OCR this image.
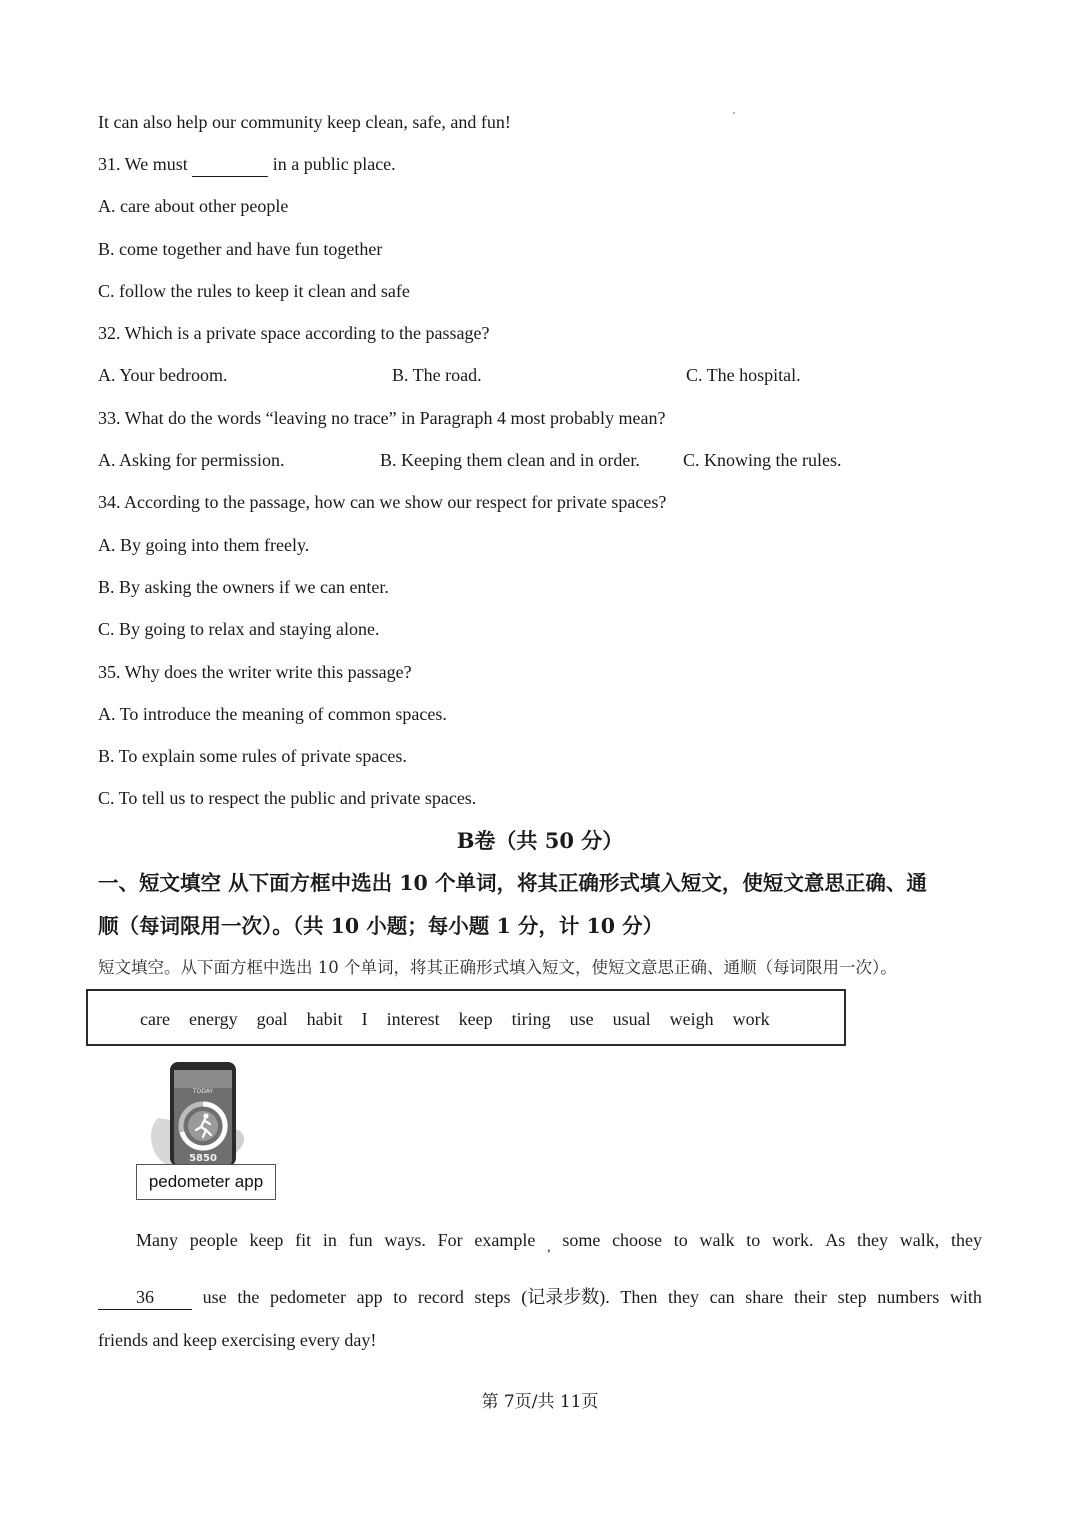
It can also help our community keep clean, safe, and fun!
31. We must	in a public place.
A. care about other people
B. come together and have fun together
C. follow the rules to keep it clean and safe
32. Which is a private space according to the passage?
A. Your bedroom.	B. The road.	C. The hospital.
33. What do the words “leaving no trace” in Paragraph 4 most probably mean?
A. Asking for permission.	B. Keeping them clean and in order. C. Knowing the rules.
34. According to the passage, how can we show our respect for private spaces?
A. By going into them freely.
B. By asking the owners if we can enter.
C. By going to relax and staying alone.
35. Why does the writer write this passage?
A. To introduce the meaning of common spaces.
B. To explain some rules of private spaces.
C. To tell us to respect the public and private spaces.
B卷（共 50 分）
一、短文填空 从下面方框中选出 10 个单词，将其正确形式填入短文，使短文意思正确、通
顺（每词限用一次）。（共 10 小题；每小题 1 分，计 10 分）
短文填空。从下面方框中选出 10 个单词，将其正确形式填入短文，使短文意思正确、通顺（每词限用一次）。
care energy goal habit I interest keep tiring use usual weigh work
TODAY
5850
pedometer app
Many people keep fit in fun ways. For example , some choose to walk to work. As they walk, they
36	use the pedometer app to record steps (记录步数). Then they can share their step numbers with
friends and keep exercising every day!
第 7页/共 11页
